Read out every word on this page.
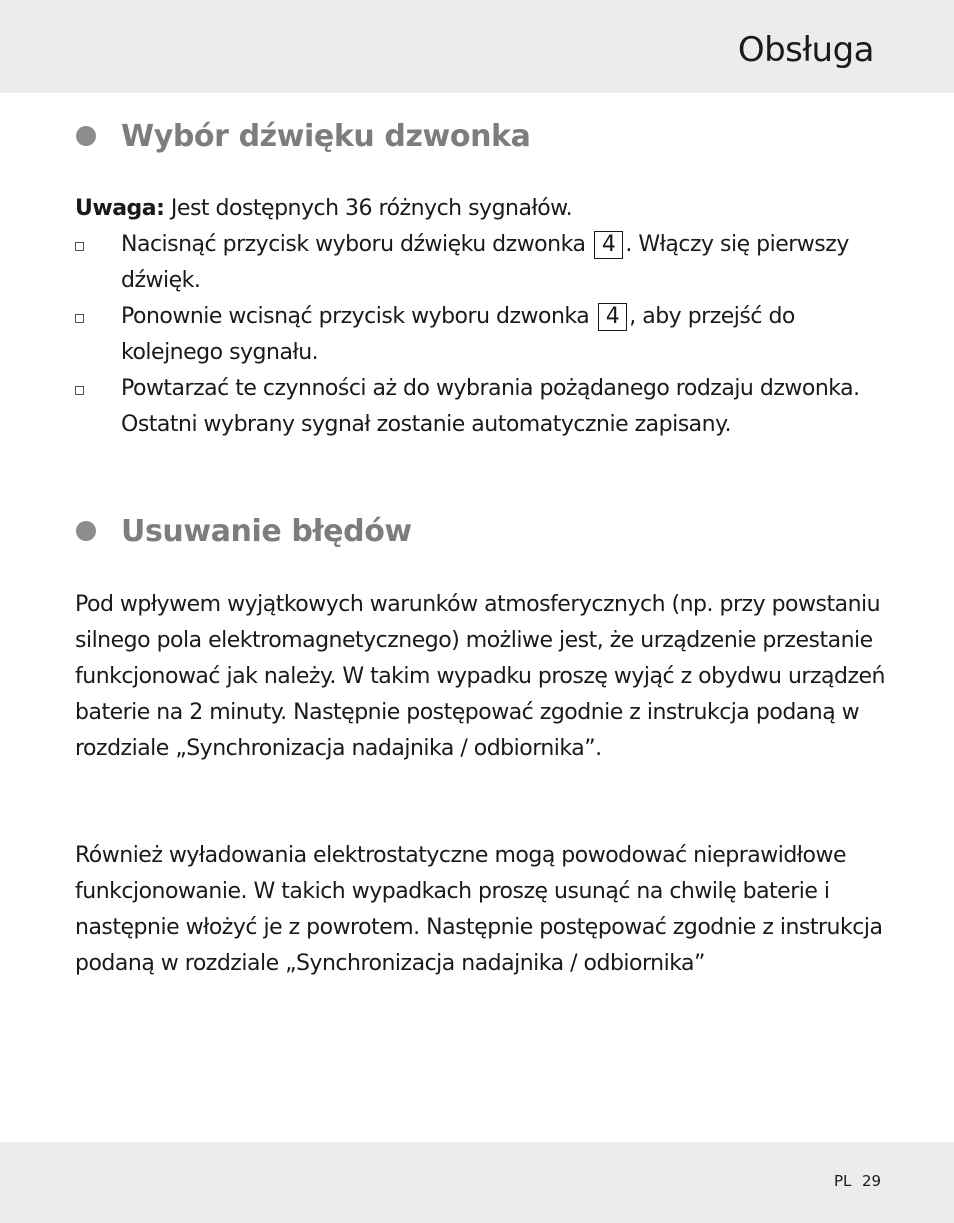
Obsługa
Wybór dźwięku dzwonka
Uwaga: Jest dostępnych 36 różnych sygnałów.
Nacisnąć przycisk wyboru dźwięku dzwonka 4 . Włączy się pierwszy dźwięk.
Ponownie wcisnąć przycisk wyboru dzwonka 4 , aby przejść do kolejnego sygnału.
Powtarzać te czynności aż do wybrania pożądanego rodzaju dzwonka. Ostatni wybrany sygnał zostanie automatycznie zapisany.
Usuwanie błędów
Pod wpływem wyjątkowych warunków atmosferycznych (np. przy powstaniu silnego pola elektromagnetycznego) możliwe jest, że urządzenie przestanie funkcjonować jak należy. W takim wypadku proszę wyjąć z obydwu urządzeń baterie na 2 minuty. Następnie postępować zgodnie z instrukcja podaną w rozdziale „Synchronizacja nadajnika / odbiornika”.
Również wyładowania elektrostatyczne mogą powodować nieprawidłowe funkcjonowanie. W takich wypadkach proszę usunąć na chwilę baterie i następnie włożyć je z powrotem. Następnie postępować zgodnie z instrukcja podaną w rozdziale „Synchronizacja nadajnika / odbiornika”
PL 29
